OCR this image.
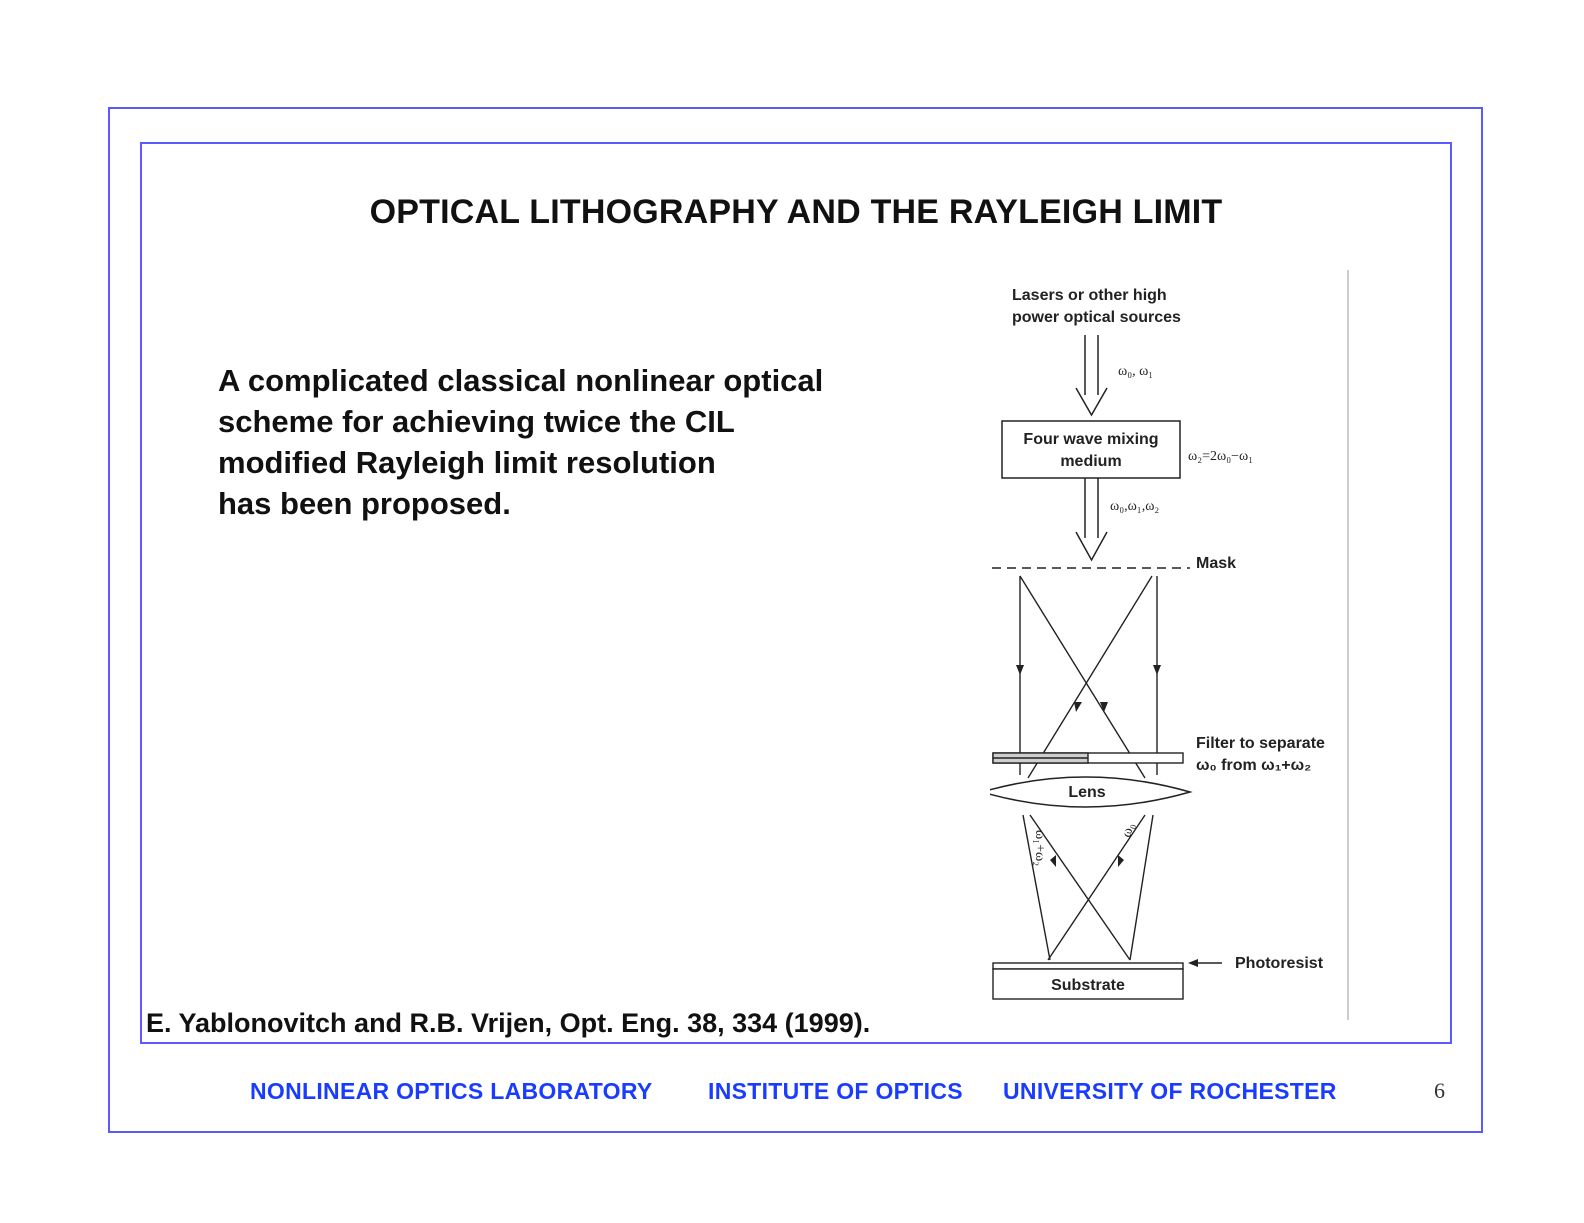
OPTICAL LITHOGRAPHY AND THE RAYLEIGH LIMIT
A complicated classical nonlinear optical
scheme for achieving twice the CIL
modified Rayleigh limit resolution
has been proposed.
Lasers or other high
power optical sources
ω₀, ω₁
Four wave mixing
medium	ω₂=2ω₀−ω₁
ω₀,ω₁,ω₂
Mask
Filter to separate
ω₀ from ω₁+ω₂
Lens
ω₁+ω₂	ω₀
Substrate
Photoresist
E. Yablonovitch and R.B. Vrijen, Opt. Eng. 38, 334 (1999).
NONLINEAR OPTICS LABORATORY INSTITUTE OF OPTICS UNIVERSITY OF ROCHESTER	6
